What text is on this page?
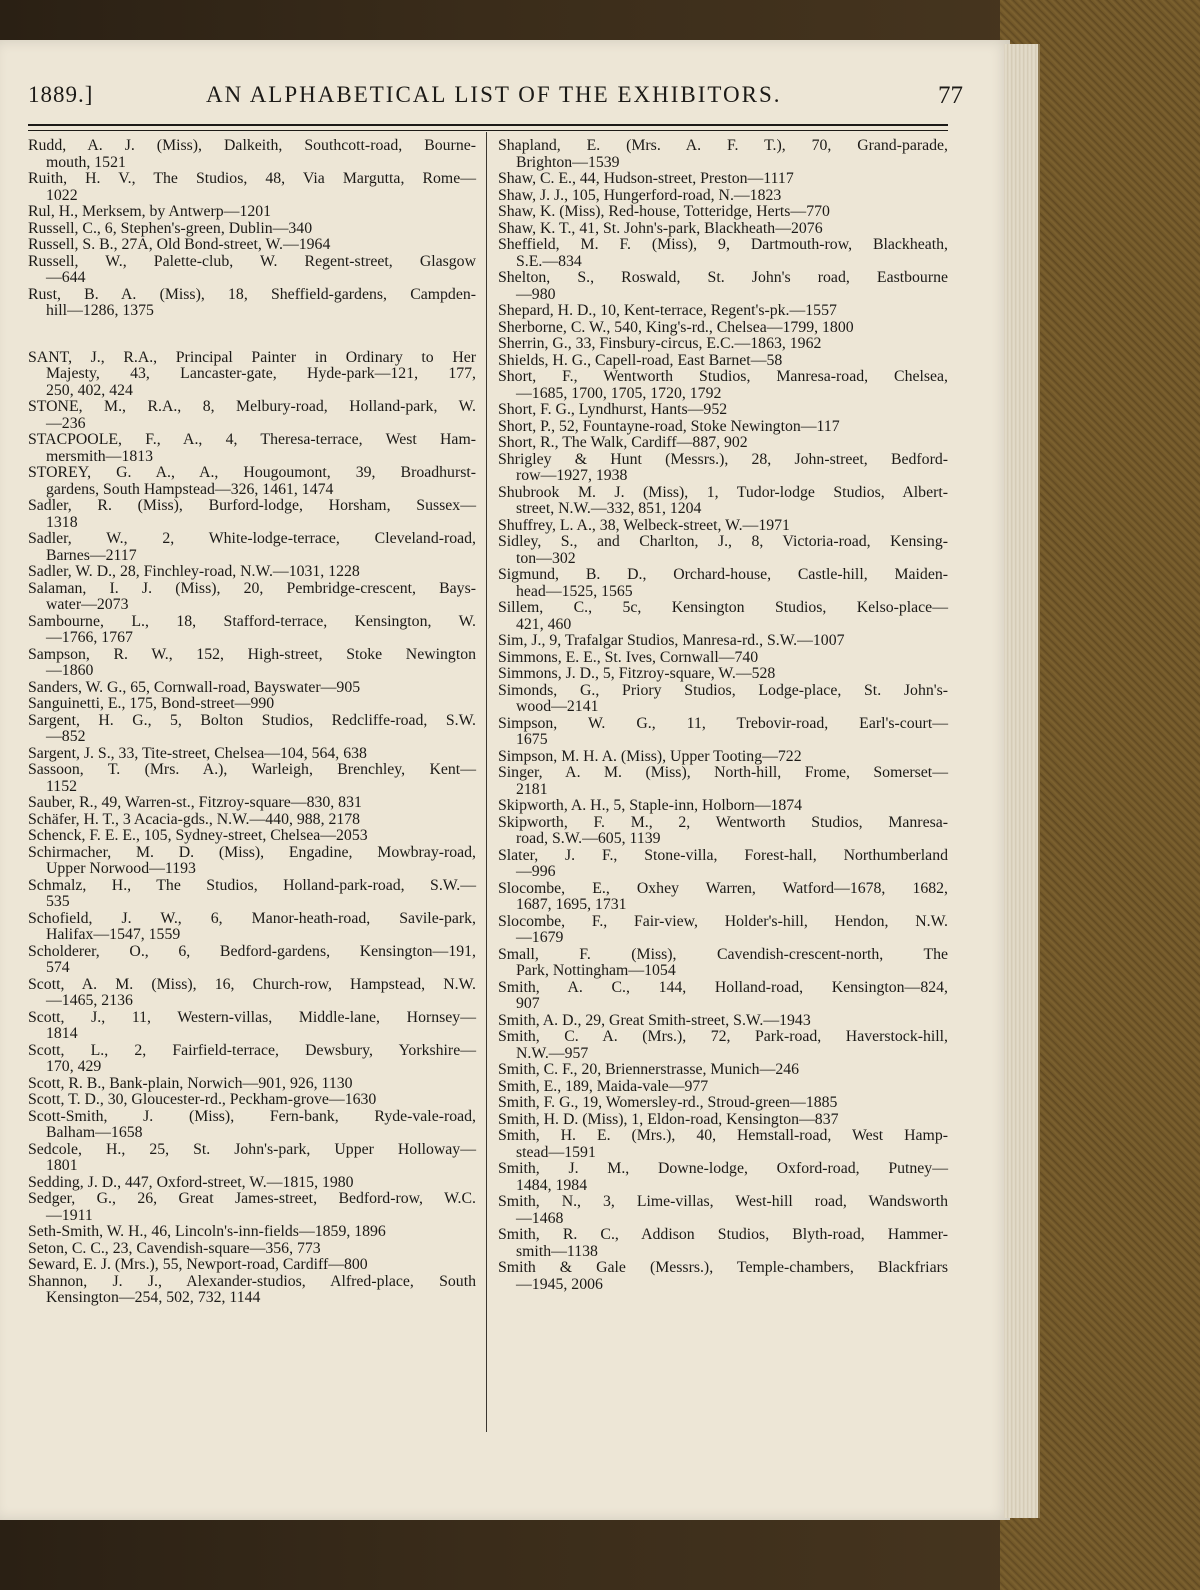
1889.]	AN ALPHABETICAL LIST OF THE EXHIBITORS.	77
Rudd, A. J. (Miss), Dalkeith, Southcott-road, Bourne-
mouth, 1521
Ruith, H. V., The Studios, 48, Via Margutta, Rome—
1022
Rul, H., Merksem, by Antwerp—1201
Russell, C., 6, Stephen's-green, Dublin—340
Russell, S. B., 27A, Old Bond-street, W.—1964
Russell, W., Palette-club, W. Regent-street, Glasgow
—644
Rust, B. A. (Miss), 18, Sheffield-gardens, Campden-
hill—1286, 1375
SANT, J., R.A., Principal Painter in Ordinary to Her
Majesty, 43, Lancaster-gate, Hyde-park—121, 177,
250, 402, 424
STONE, M., R.A., 8, Melbury-road, Holland-park, W.
—236
STACPOOLE, F., A., 4, Theresa-terrace, West Ham-
mersmith—1813
STOREY, G. A., A., Hougoumont, 39, Broadhurst-
gardens, South Hampstead—326, 1461, 1474
Sadler, R. (Miss), Burford-lodge, Horsham, Sussex—
1318
Sadler, W., 2, White-lodge-terrace, Cleveland-road,
Barnes—2117
Sadler, W. D., 28, Finchley-road, N.W.—1031, 1228
Salaman, I. J. (Miss), 20, Pembridge-crescent, Bays-
water—2073
Sambourne, L., 18, Stafford-terrace, Kensington, W.
—1766, 1767
Sampson, R. W., 152, High-street, Stoke Newington
—1860
Sanders, W. G., 65, Cornwall-road, Bayswater—905
Sanguinetti, E., 175, Bond-street—990
Sargent, H. G., 5, Bolton Studios, Redcliffe-road, S.W.
—852
Sargent, J. S., 33, Tite-street, Chelsea—104, 564, 638
Sassoon, T. (Mrs. A.), Warleigh, Brenchley, Kent—
1152
Sauber, R., 49, Warren-st., Fitzroy-square—830, 831
Schäfer, H. T., 3 Acacia-gds., N.W.—440, 988, 2178
Schenck, F. E. E., 105, Sydney-street, Chelsea—2053
Schirmacher, M. D. (Miss), Engadine, Mowbray-road,
Upper Norwood—1193
Schmalz, H., The Studios, Holland-park-road, S.W.—
535
Schofield, J. W., 6, Manor-heath-road, Savile-park,
Halifax—1547, 1559
Scholderer, O., 6, Bedford-gardens, Kensington—191,
574
Scott, A. M. (Miss), 16, Church-row, Hampstead, N.W.
—1465, 2136
Scott, J., 11, Western-villas, Middle-lane, Hornsey—
1814
Scott, L., 2, Fairfield-terrace, Dewsbury, Yorkshire—
170, 429
Scott, R. B., Bank-plain, Norwich—901, 926, 1130
Scott, T. D., 30, Gloucester-rd., Peckham-grove—1630
Scott-Smith, J. (Miss), Fern-bank, Ryde-vale-road,
Balham—1658
Sedcole, H., 25, St. John's-park, Upper Holloway—
1801
Sedding, J. D., 447, Oxford-street, W.—1815, 1980
Sedger, G., 26, Great James-street, Bedford-row, W.C.
—1911
Seth-Smith, W. H., 46, Lincoln's-inn-fields—1859, 1896
Seton, C. C., 23, Cavendish-square—356, 773
Seward, E. J. (Mrs.), 55, Newport-road, Cardiff—800
Shannon, J. J., Alexander-studios, Alfred-place, South
Kensington—254, 502, 732, 1144
Shapland, E. (Mrs. A. F. T.), 70, Grand-parade,
Brighton—1539
Shaw, C. E., 44, Hudson-street, Preston—1117
Shaw, J. J., 105, Hungerford-road, N.—1823
Shaw, K. (Miss), Red-house, Totteridge, Herts—770
Shaw, K. T., 41, St. John's-park, Blackheath—2076
Sheffield, M. F. (Miss), 9, Dartmouth-row, Blackheath,
S.E.—834
Shelton, S., Roswald, St. John's road, Eastbourne
—980
Shepard, H. D., 10, Kent-terrace, Regent's-pk.—1557
Sherborne, C. W., 540, King's-rd., Chelsea—1799, 1800
Sherrin, G., 33, Finsbury-circus, E.C.—1863, 1962
Shields, H. G., Capell-road, East Barnet—58
Short, F., Wentworth Studios, Manresa-road, Chelsea,
—1685, 1700, 1705, 1720, 1792
Short, F. G., Lyndhurst, Hants—952
Short, P., 52, Fountayne-road, Stoke Newington—117
Short, R., The Walk, Cardiff—887, 902
Shrigley & Hunt (Messrs.), 28, John-street, Bedford-
row—1927, 1938
Shubrook M. J. (Miss), 1, Tudor-lodge Studios, Albert-
street, N.W.—332, 851, 1204
Shuffrey, L. A., 38, Welbeck-street, W.—1971
Sidley, S., and Charlton, J., 8, Victoria-road, Kensing-
ton—302
Sigmund, B. D., Orchard-house, Castle-hill, Maiden-
head—1525, 1565
Sillem, C., 5c, Kensington Studios, Kelso-place—
421, 460
Sim, J., 9, Trafalgar Studios, Manresa-rd., S.W.—1007
Simmons, E. E., St. Ives, Cornwall—740
Simmons, J. D., 5, Fitzroy-square, W.—528
Simonds, G., Priory Studios, Lodge-place, St. John's-
wood—2141
Simpson, W. G., 11, Trebovir-road, Earl's-court—
1675
Simpson, M. H. A. (Miss), Upper Tooting—722
Singer, A. M. (Miss), North-hill, Frome, Somerset—
2181
Skipworth, A. H., 5, Staple-inn, Holborn—1874
Skipworth, F. M., 2, Wentworth Studios, Manresa-
road, S.W.—605, 1139
Slater, J. F., Stone-villa, Forest-hall, Northumberland
—996
Slocombe, E., Oxhey Warren, Watford—1678, 1682,
1687, 1695, 1731
Slocombe, F., Fair-view, Holder's-hill, Hendon, N.W.
—1679
Small, F. (Miss), Cavendish-crescent-north, The
Park, Nottingham—1054
Smith, A. C., 144, Holland-road, Kensington—824,
907
Smith, A. D., 29, Great Smith-street, S.W.—1943
Smith, C. A. (Mrs.), 72, Park-road, Haverstock-hill,
N.W.—957
Smith, C. F., 20, Briennerstrasse, Munich—246
Smith, E., 189, Maida-vale—977
Smith, F. G., 19, Womersley-rd., Stroud-green—1885
Smith, H. D. (Miss), 1, Eldon-road, Kensington—837
Smith, H. E. (Mrs.), 40, Hemstall-road, West Hamp-
stead—1591
Smith, J. M., Downe-lodge, Oxford-road, Putney—
1484, 1984
Smith, N., 3, Lime-villas, West-hill road, Wandsworth
—1468
Smith, R. C., Addison Studios, Blyth-road, Hammer-
smith—1138
Smith & Gale (Messrs.), Temple-chambers, Blackfriars
—1945, 2006
